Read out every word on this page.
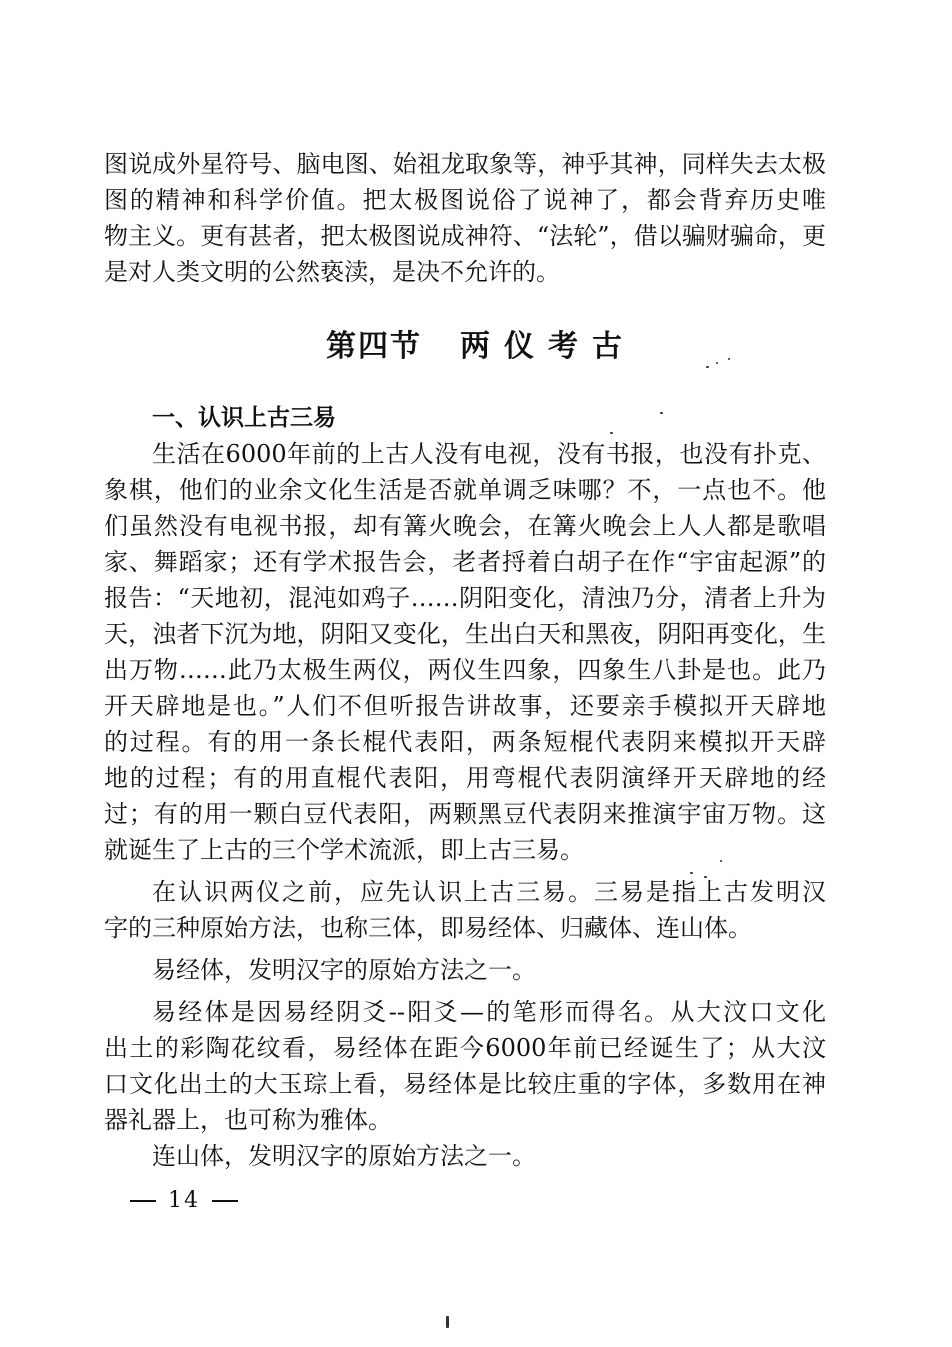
图说成外星符号、脑电图、始祖龙取象等，神乎其神，同样失去太极
图的精神和科学价值。把太极图说俗了说神了，都会背弃历史唯
物主义。更有甚者，把太极图说成神符、“法轮”，借以骗财骗命，更
是对人类文明的公然亵渎，是决不允许的。
第四节 两仪考古
一、认识上古三易
生活在6000年前的上古人没有电视，没有书报，也没有扑克、
象棋，他们的业余文化生活是否就单调乏味哪？不，一点也不。他
们虽然没有电视书报，却有篝火晚会，在篝火晚会上人人都是歌唱
家、舞蹈家；还有学术报告会，老者捋着白胡子在作“宇宙起源”的
报告：“天地初，混沌如鸡子……阴阳变化，清浊乃分，清者上升为
天，浊者下沉为地，阴阳又变化，生出白天和黑夜，阴阳再变化，生
出万物……此乃太极生两仪，两仪生四象，四象生八卦是也。此乃
开天辟地是也。”人们不但听报告讲故事，还要亲手模拟开天辟地
的过程。有的用一条长棍代表阳，两条短棍代表阴来模拟开天辟
地的过程；有的用直棍代表阳，用弯棍代表阴演绎开天辟地的经
过；有的用一颗白豆代表阳，两颗黑豆代表阴来推演宇宙万物。这
就诞生了上古的三个学术流派，即上古三易。
在认识两仪之前，应先认识上古三易。三易是指上古发明汉
字的三种原始方法，也称三体，即易经体、归藏体、连山体。
易经体，发明汉字的原始方法之一。
易经体是因易经阴爻--阳爻—的笔形而得名。从大汶口文化
出土的彩陶花纹看，易经体在距今6000年前已经诞生了；从大汶
口文化出土的大玉琮上看，易经体是比较庄重的字体，多数用在神
器礼器上，也可称为雅体。
连山体，发明汉字的原始方法之一。
14
